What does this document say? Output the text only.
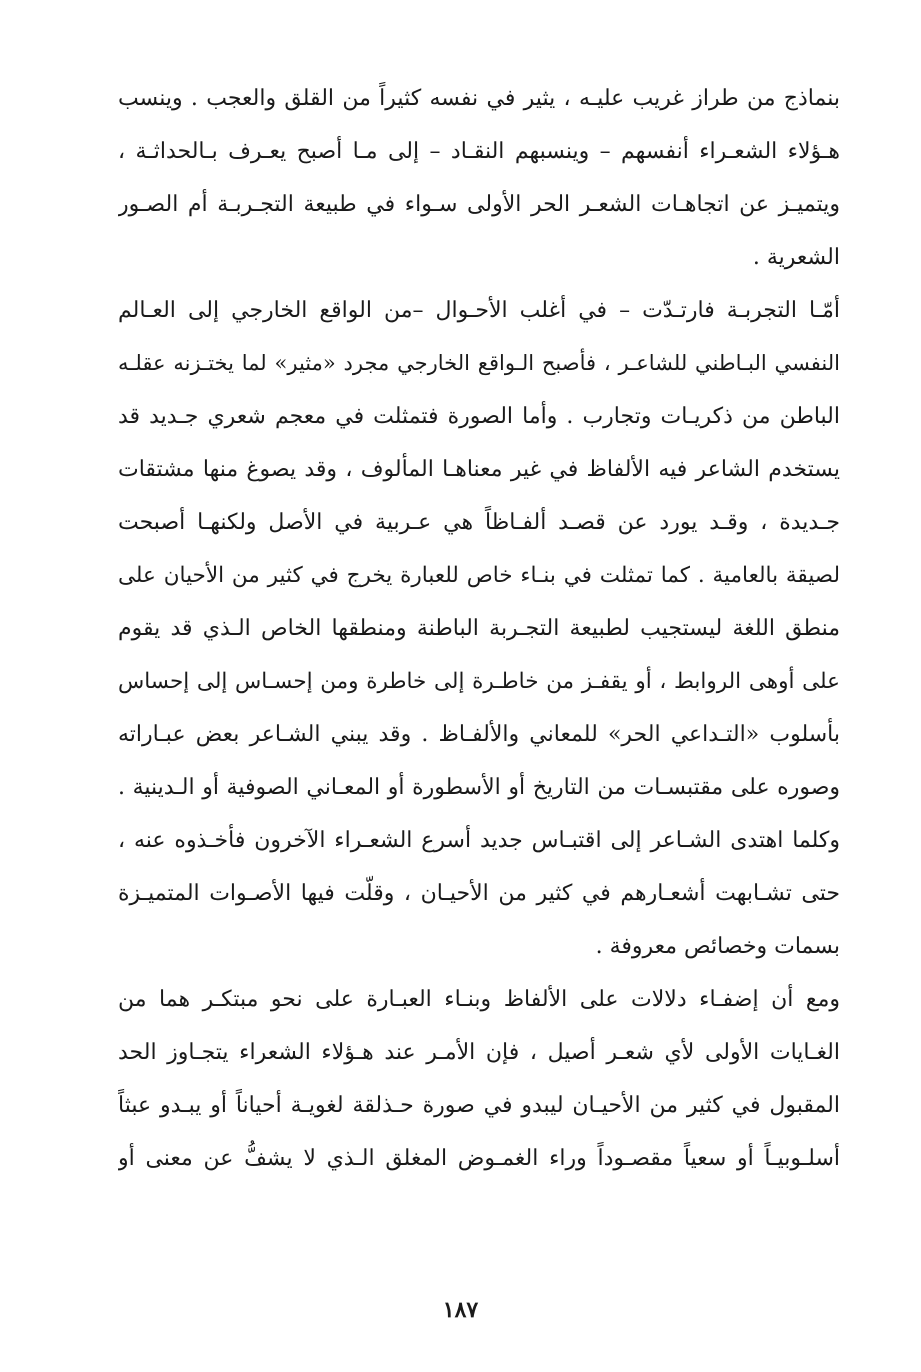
بنماذج من طراز غريب عليـه ، يثير في نفسه كثيراً من القلق والعجب . وينسب
هـؤلاء الشعـراء أنفسهم – وينسبهم النقـاد – إلى مـا أصبح يعـرف بـالحداثـة ،
ويتميـز عن اتجاهـات الشعـر الحر الأولى سـواء في طبيعة التجـربـة أم الصـور
الشعرية .
أمّـا التجربـة فارتـدّت – في أغلب الأحـوال –من الواقع الخارجي إلى العـالم
النفسي البـاطني للشاعـر ، فأصبح الـواقع الخارجي مجرد «مثير» لما يختـزنه عقلـه
الباطن من ذكريـات وتجارب . وأما الصورة فتمثلت في معجم شعري جـديد قد
يستخدم الشاعر فيه الألفاظ في غير معناهـا المألوف ، وقد يصوغ منها مشتقات
جـديدة ، وقـد يورد عن قصـد ألفـاظاً هي عـربية في الأصل ولكنهـا أصبحت
لصيقة بالعامية . كما تمثلت في بنـاء خاص للعبارة يخرج في كثير من الأحيان على
منطق اللغة ليستجيب لطبيعة التجـربة الباطنة ومنطقها الخاص الـذي قد يقوم
على أوهى الروابط ، أو يقفـز من خاطـرة إلى خاطرة ومن إحسـاس إلى إحساس
بأسلوب «التـداعي الحر» للمعاني والألفـاظ . وقد يبني الشـاعر بعض عبـاراته
وصوره على مقتبسـات من التاريخ أو الأسطورة أو المعـاني الصوفية أو الـدينية .
وكلما اهتدى الشـاعر إلى اقتبـاس جديد أسرع الشعـراء الآخرون فأخـذوه عنه ،
حتى تشـابهت أشعـارهم في كثير من الأحيـان ، وقلّت فيها الأصـوات المتميـزة
بسمات وخصائص معروفة .
ومع أن إضفـاء دلالات على الألفاظ وبنـاء العبـارة على نحو مبتكـر هما من
الغـايات الأولى لأي شعـر أصيل ، فإن الأمـر عند هـؤلاء الشعراء يتجـاوز الحد
المقبول في كثير من الأحيـان ليبدو في صورة حـذلقة لغويـة أحياناً أو يبـدو عبثاً
أسلـوبيـاً أو سعياً مقصـوداً وراء الغمـوض المغلق الـذي لا يشفُّ عن معنى أو
١٨٧
